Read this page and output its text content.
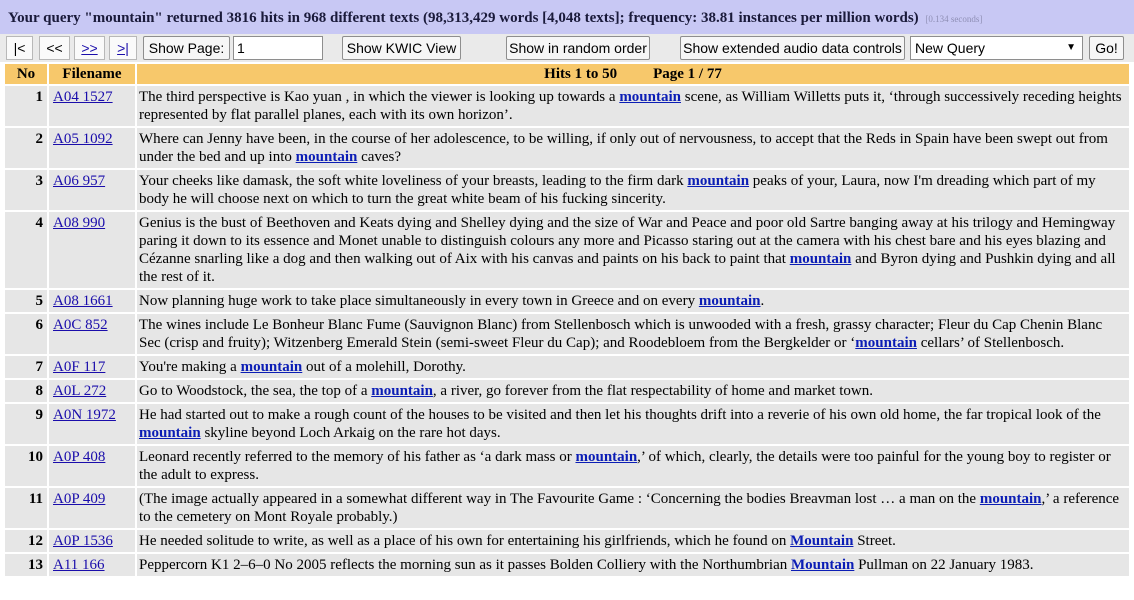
Your query "mountain" returned 3816 hits in 968 different texts (98,313,429 words [4,048 texts]; frequency: 38.81 instances per million words) [0.134 seconds]
|<	<<	>>	>|	Show Page: 1	Show KWIC View	Show in random order	Show extended audio data controls New Query	▼	Go!
No	Filename	Hits 1 to 50 Page 1 / 77
1	A04 1527	The third perspective is Kao yuan , in which the viewer is looking up towards a mountain scene, as William Willetts puts it, ‘through successively receding heights represented by flat parallel planes, each with its own horizon’.
2	A05 1092	Where can Jenny have been, in the course of her adolescence, to be willing, if only out of nervousness, to accept that the Reds in Spain have been swept out from under the bed and up into mountain caves?
3	A06 957	Your cheeks like damask, the soft white loveliness of your breasts, leading to the firm dark mountain peaks of your, Laura, now I'm dreading which part of my body he will choose next on which to turn the great white beam of his fucking sincerity.
4	A08 990	Genius is the bust of Beethoven and Keats dying and Shelley dying and the size of War and Peace and poor old Sartre banging away at his trilogy and Hemingway paring it down to its essence and Monet unable to distinguish colours any more and Picasso staring out at the camera with his chest bare and his eyes blazing and Cézanne snarling like a dog and then walking out of Aix with his canvas and paints on his back to paint that mountain and Byron dying and Pushkin dying and all the rest of it.
5	A08 1661	Now planning huge work to take place simultaneously in every town in Greece and on every mountain.
6	A0C 852	The wines include Le Bonheur Blanc Fume (Sauvignon Blanc) from Stellenbosch which is unwooded with a fresh, grassy character; Fleur du Cap Chenin Blanc Sec (crisp and fruity); Witzenberg Emerald Stein (semi-sweet Fleur du Cap); and Roodebloem from the Bergkelder or ‘mountain cellars’ of Stellenbosch.
7	A0F 117	You're making a mountain out of a molehill, Dorothy.
8	A0L 272	Go to Woodstock, the sea, the top of a mountain, a river, go forever from the flat respectability of home and market town.
9	A0N 1972	He had started out to make a rough count of the houses to be visited and then let his thoughts drift into a reverie of his own old home, the far tropical look of the mountain skyline beyond Loch Arkaig on the rare hot days.
10	A0P 408	Leonard recently referred to the memory of his father as ‘a dark mass or mountain,’ of which, clearly, the details were too painful for the young boy to register or the adult to express.
11	A0P 409	(The image actually appeared in a somewhat different way in The Favourite Game : ‘Concerning the bodies Breavman lost … a man on the mountain,’ a reference to the cemetery on Mont Royale probably.)
12	A0P 1536	He needed solitude to write, as well as a place of his own for entertaining his girlfriends, which he found on Mountain Street.
13	A11 166	Peppercorn K1 2–6–0 No 2005 reflects the morning sun as it passes Bolden Colliery with the Northumbrian Mountain Pullman on 22 January 1983.
